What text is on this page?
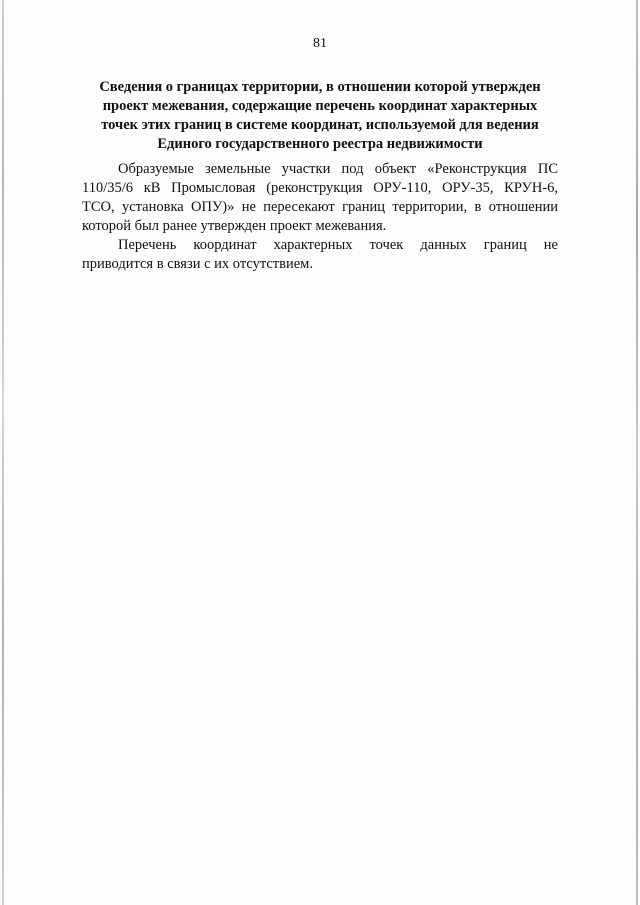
81
Сведения о границах территории, в отношении которой утвержден
проект межевания, содержащие перечень координат характерных
точек этих границ в системе координат, используемой для ведения
Единого государственного реестра недвижимости

Образуемые земельные участки под объект «Реконструкция ПС
110/35/6 кВ Промысловая (реконструкция ОРУ-110, ОРУ-35, КРУН-6,
ТСО, установка ОПУ)» не пересекают границ территории, в отношении
которой был ранее утвержден проект межевания.

Перечень координат характерных точек данных границ не
приводится в связи с их отсутствием.
